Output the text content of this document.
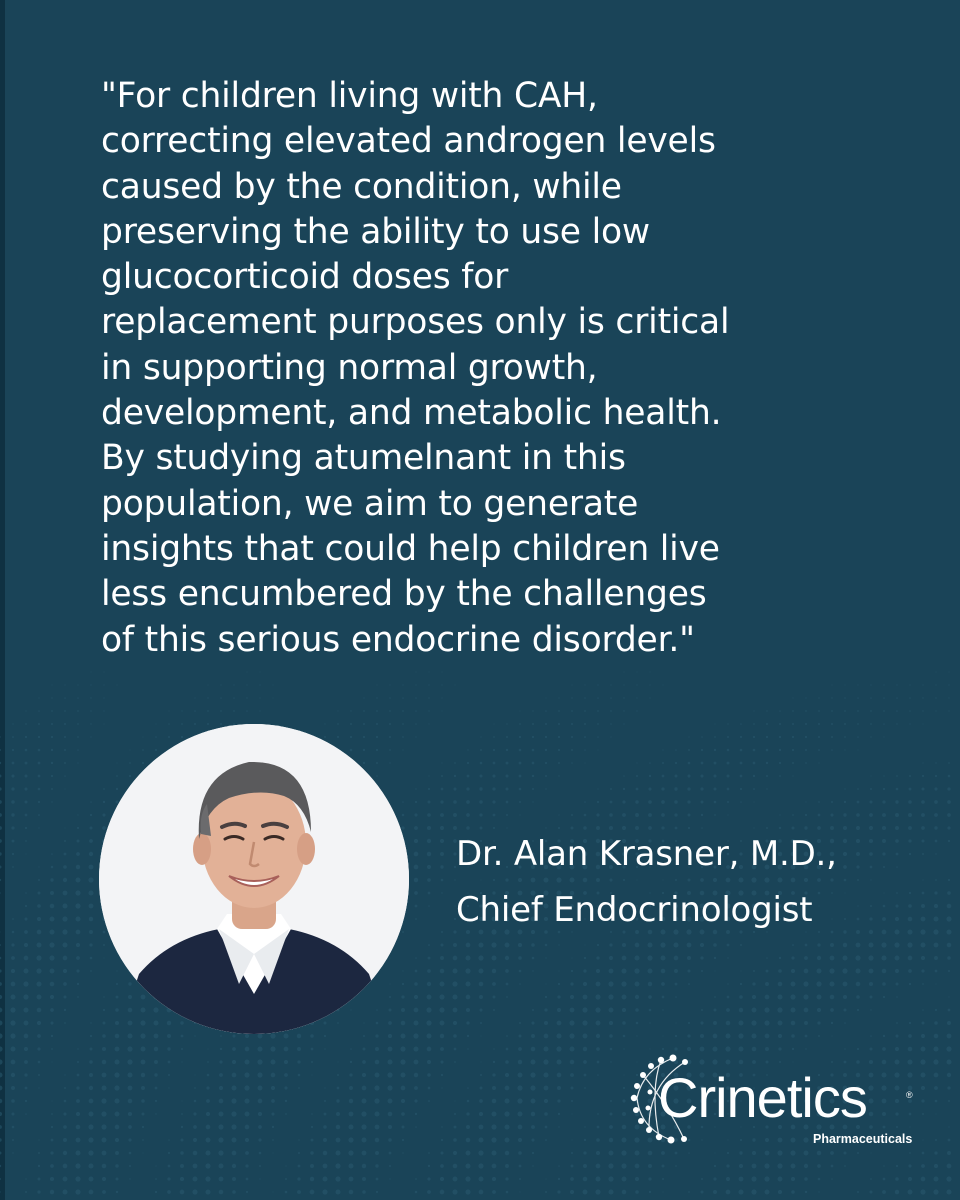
"For children living with CAH,
correcting elevated androgen levels
caused by the condition, while
preserving the ability to use low
glucocorticoid doses for
replacement purposes only is critical
in supporting normal growth,
development, and metabolic health.
By studying atumelnant in this
population, we aim to generate
insights that could help children live
less encumbered by the challenges
of this serious endocrine disorder."

Dr. Alan Krasner, M.D.,
Chief Endocrinologist
Crinetics	®
Pharmaceuticals
